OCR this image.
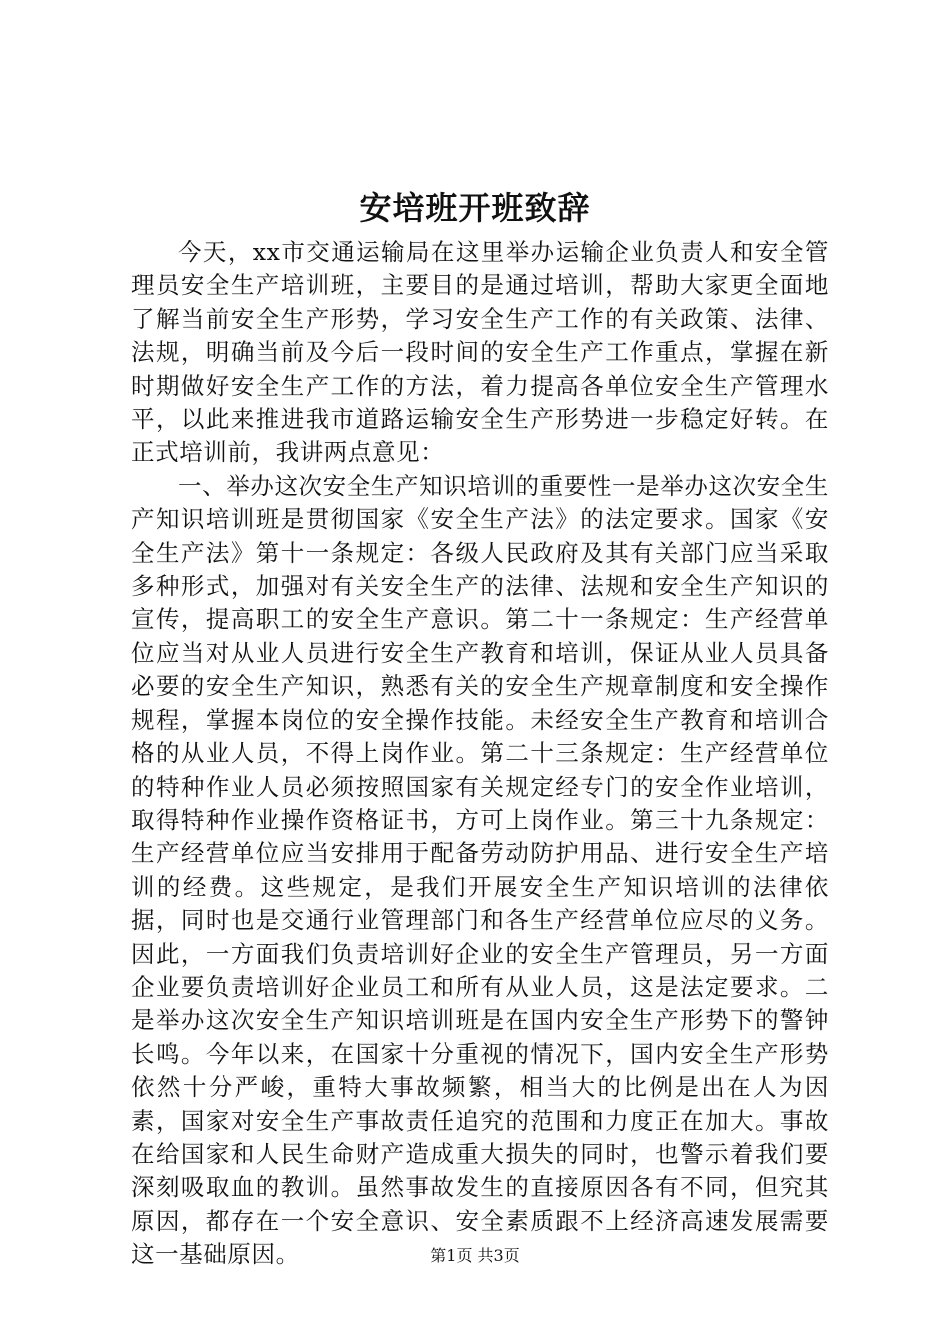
安培班开班致辞

今天，xx市交通运输局在这里举办运输企业负责人和安全管理员安全生产培训班，主要目的是通过培训，帮助大家更全面地了解当前安全生产形势，学习安全生产工作的有关政策、法律、法规，明确当前及今后一段时间的安全生产工作重点，掌握在新时期做好安全生产工作的方法，着力提高各单位安全生产管理水平，以此来推进我市道路运输安全生产形势进一步稳定好转。在正式培训前，我讲两点意见：

一、举办这次安全生产知识培训的重要性一是举办这次安全生产知识培训班是贯彻国家《安全生产法》的法定要求。国家《安全生产法》第十一条规定：各级人民政府及其有关部门应当采取多种形式，加强对有关安全生产的法律、法规和安全生产知识的宣传，提高职工的安全生产意识。第二十一条规定：生产经营单位应当对从业人员进行安全生产教育和培训，保证从业人员具备必要的安全生产知识，熟悉有关的安全生产规章制度和安全操作规程，掌握本岗位的安全操作技能。未经安全生产教育和培训合格的从业人员，不得上岗作业。第二十三条规定：生产经营单位的特种作业人员必须按照国家有关规定经专门的安全作业培训，取得特种作业操作资格证书，方可上岗作业。第三十九条规定：生产经营单位应当安排用于配备劳动防护用品、进行安全生产培训的经费。这些规定，是我们开展安全生产知识培训的法律依据，同时也是交通行业管理部门和各生产经营单位应尽的义务。因此，一方面我们负责培训好企业的安全生产管理员，另一方面企业要负责培训好企业员工和所有从业人员，这是法定要求。二是举办这次安全生产知识培训班是在国内安全生产形势下的警钟长鸣。今年以来，在国家十分重视的情况下，国内安全生产形势依然十分严峻，重特大事故频繁，相当大的比例是出在人为因素，国家对安全生产事故责任追究的范围和力度正在加大。事故在给国家和人民生命财产造成重大损失的同时，也警示着我们要深刻吸取血的教训。虽然事故发生的直接原因各有不同，但究其原因，都存在一个安全意识、安全素质跟不上经济高速发展需要这一基础原因。	第1页 共3页
